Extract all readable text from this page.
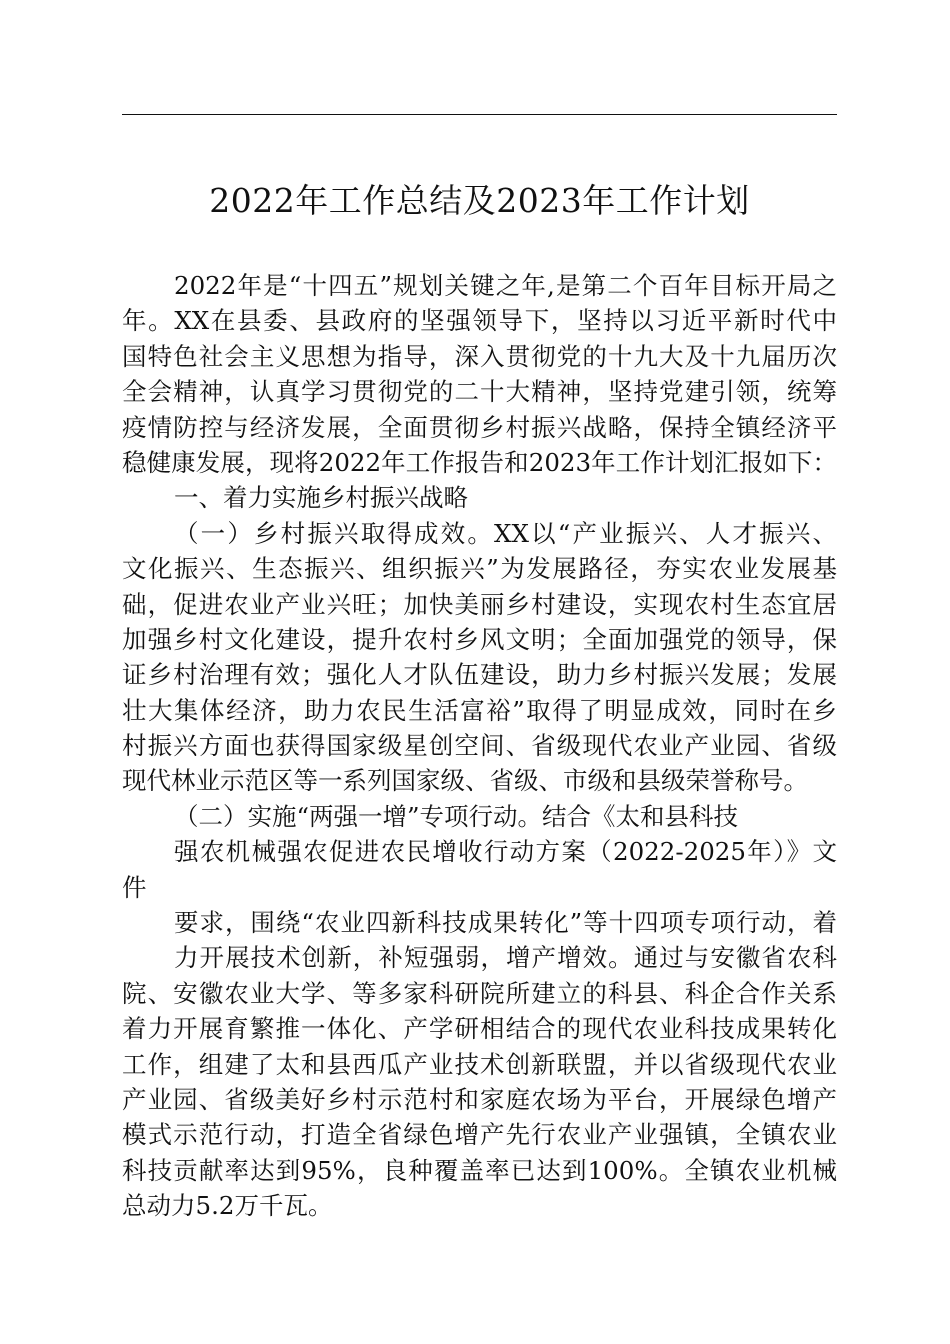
2022年工作总结及2023年工作计划
2022年是“十四五”规划关键之年,是第二个百年目标开局之
年。XX在县委、县政府的坚强领导下，坚持以习近平新时代中
国特色社会主义思想为指导，深入贯彻党的十九大及十九届历次
全会精神，认真学习贯彻党的二十大精神，坚持党建引领，统筹
疫情防控与经济发展，全面贯彻乡村振兴战略，保持全镇经济平
稳健康发展，现将2022年工作报告和2023年工作计划汇报如下：
一、着力实施乡村振兴战略
（一）乡村振兴取得成效。XX以“产业振兴、人才振兴、
文化振兴、生态振兴、组织振兴”为发展路径，夯实农业发展基
础，促进农业产业兴旺；加快美丽乡村建设，实现农村生态宜居
加强乡村文化建设，提升农村乡风文明；全面加强党的领导，保
证乡村治理有效；强化人才队伍建设，助力乡村振兴发展；发展
壮大集体经济，助力农民生活富裕”取得了明显成效，同时在乡
村振兴方面也获得国家级星创空间、省级现代农业产业园、省级
现代林业示范区等一系列国家级、省级、市级和县级荣誉称号。
（二）实施“两强一增”专项行动。结合《太和县科技
强农机械强农促进农民增收行动方案（2022-2025年）》文
件
要求，围绕“农业四新科技成果转化”等十四项专项行动，着
力开展技术创新，补短强弱，增产增效。通过与安徽省农科
院、安徽农业大学、等多家科研院所建立的科县、科企合作关系
着力开展育繁推一体化、产学研相结合的现代农业科技成果转化
工作，组建了太和县西瓜产业技术创新联盟，并以省级现代农业
产业园、省级美好乡村示范村和家庭农场为平台，开展绿色增产
模式示范行动，打造全省绿色增产先行农业产业强镇，全镇农业
科技贡献率达到95%，良种覆盖率已达到100%。全镇农业机械
总动力5.2万千瓦。
